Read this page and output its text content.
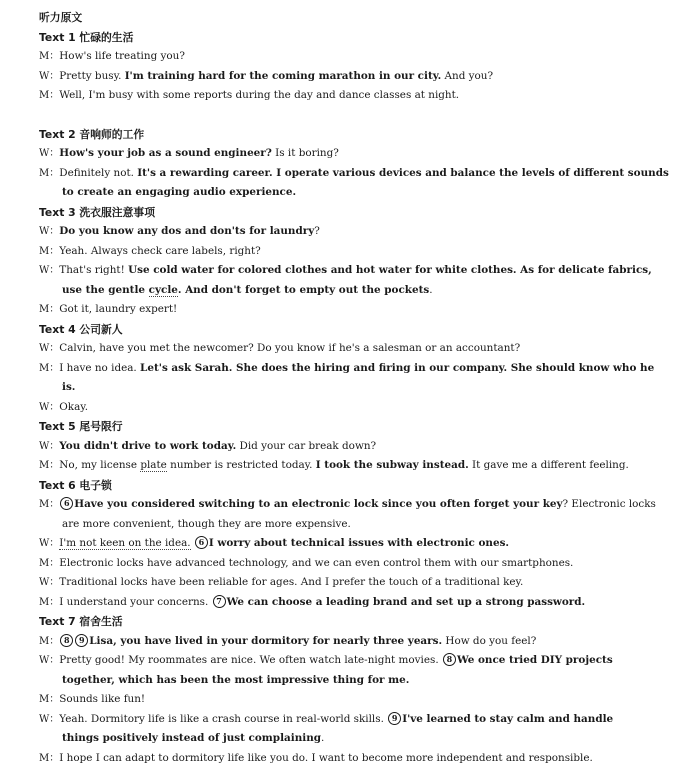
听力原文
Text 1 忙碌的生活
M：How's life treating you?
W：Pretty busy. I'm training hard for the coming marathon in our city. And you?
M：Well, I'm busy with some reports during the day and dance classes at night.
Text 2 音响师的工作
W：How's your job as a sound engineer? Is it boring?
M：Definitely not. It's a rewarding career. I operate various devices and balance the levels of different sounds
to create an engaging audio experience.
Text 3 洗衣服注意事项
W：Do you know any dos and don'ts for laundry?
M：Yeah. Always check care labels, right?
W：That's right! Use cold water for colored clothes and hot water for white clothes. As for delicate fabrics,
use the gentle cycle. And don't forget to empty out the pockets.
M：Got it, laundry expert!
Text 4 公司新人
W：Calvin, have you met the newcomer? Do you know if he's a salesman or an accountant?
M：I have no idea. Let's ask Sarah. She does the hiring and firing in our company. She should know who he
is.
W：Okay.
Text 5 尾号限行
W：You didn't drive to work today. Did your car break down?
M：No, my license plate number is restricted today. I took the subway instead. It gave me a different feeling.
Text 6 电子锁
M： 6 Have you considered switching to an electronic lock since you often forget your key? Electronic locks
are more convenient, though they are more expensive.
W：I'm not keen on the idea. 6 I worry about technical issues with electronic ones.
M：Electronic locks have advanced technology, and we can even control them with our smartphones.
W：Traditional locks have been reliable for ages. And I prefer the touch of a traditional key.
M：I understand your concerns. 7 We can choose a leading brand and set up a strong password.
Text 7 宿舍生活
M： 8 9 Lisa, you have lived in your dormitory for nearly three years. How do you feel?
W：Pretty good! My roommates are nice. We often watch late-night movies. 8 We once tried DIY projects
together, which has been the most impressive thing for me.
M：Sounds like fun!
W：Yeah. Dormitory life is like a crash course in real-world skills. 9 I've learned to stay calm and handle
things positively instead of just complaining.
M：I hope I can adapt to dormitory life like you do. I want to become more independent and responsible.
